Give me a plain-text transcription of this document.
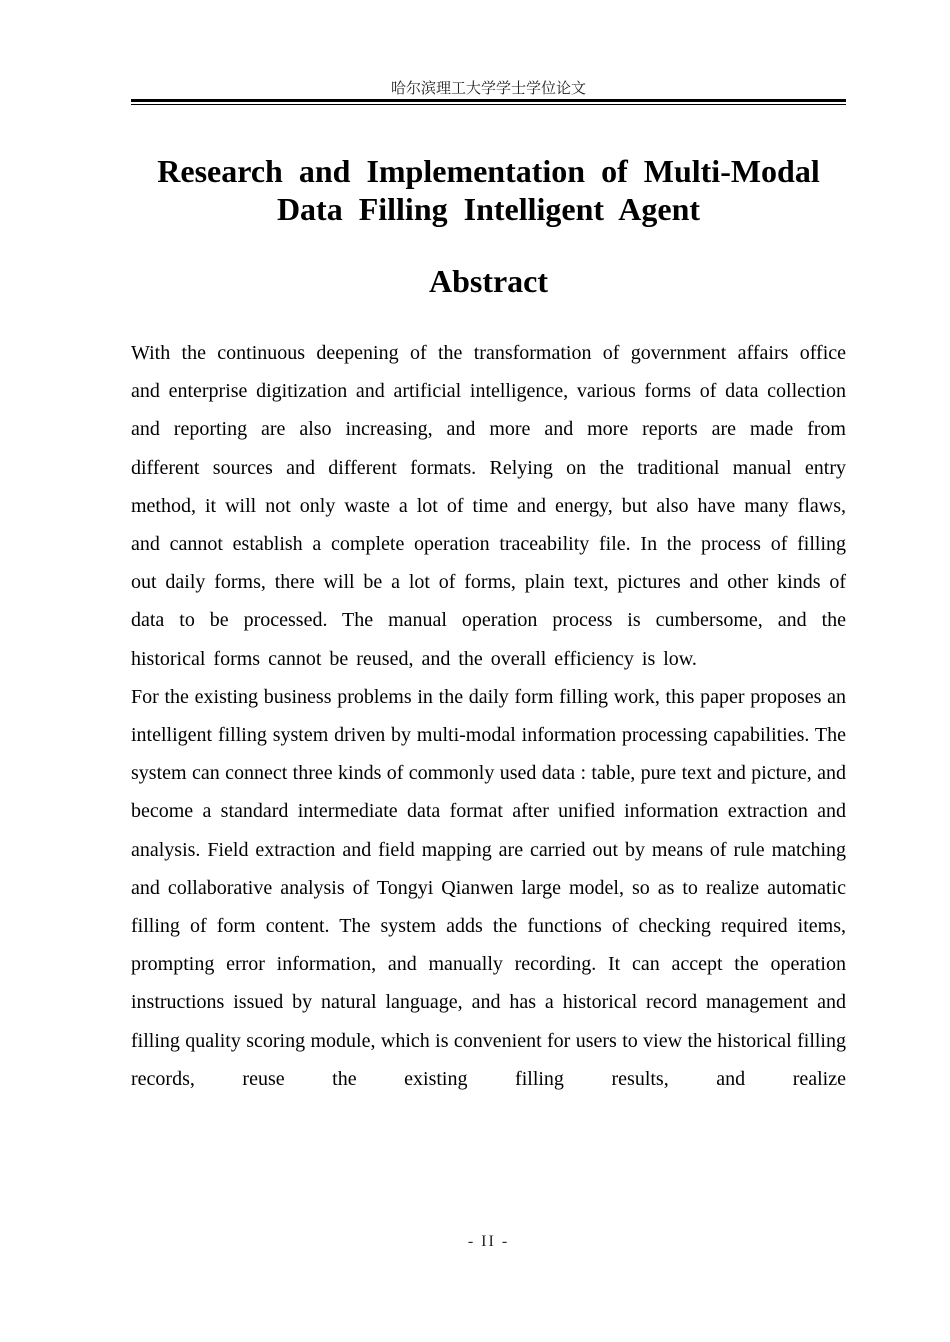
哈尔滨理工大学学士学位论文
Research and Implementation of Multi-Modal Data Filling Intelligent Agent
Abstract

With the continuous deepening of the transformation of government affairs office and enterprise digitization and artificial intelligence, various forms of data collection and reporting are also increasing, and more and more reports are made from different sources and different formats. Relying on the traditional manual entry method, it will not only waste a lot of time and energy, but also have many flaws, and cannot establish a complete operation traceability file. In the process of filling out daily forms, there will be a lot of forms, plain text, pictures and other kinds of data to be processed. The manual operation process is cumbersome, and the historical forms cannot be reused, and the overall efficiency is low.

For the existing business problems in the daily form filling work, this paper proposes an intelligent filling system driven by multi-modal information processing capabilities. The system can connect three kinds of commonly used data : table, pure text and picture, and become a standard intermediate data format after unified information extraction and analysis. Field extraction and field mapping are carried out by means of rule matching and collaborative analysis of Tongyi Qianwen large model, so as to realize automatic filling of form content. The system adds the functions of checking required items, prompting error information, and manually recording. It can accept the operation instructions issued by natural language, and has a historical record management and filling quality scoring module, which is convenient for users to view the historical filling records, reuse the existing filling results, and realize

- II -
